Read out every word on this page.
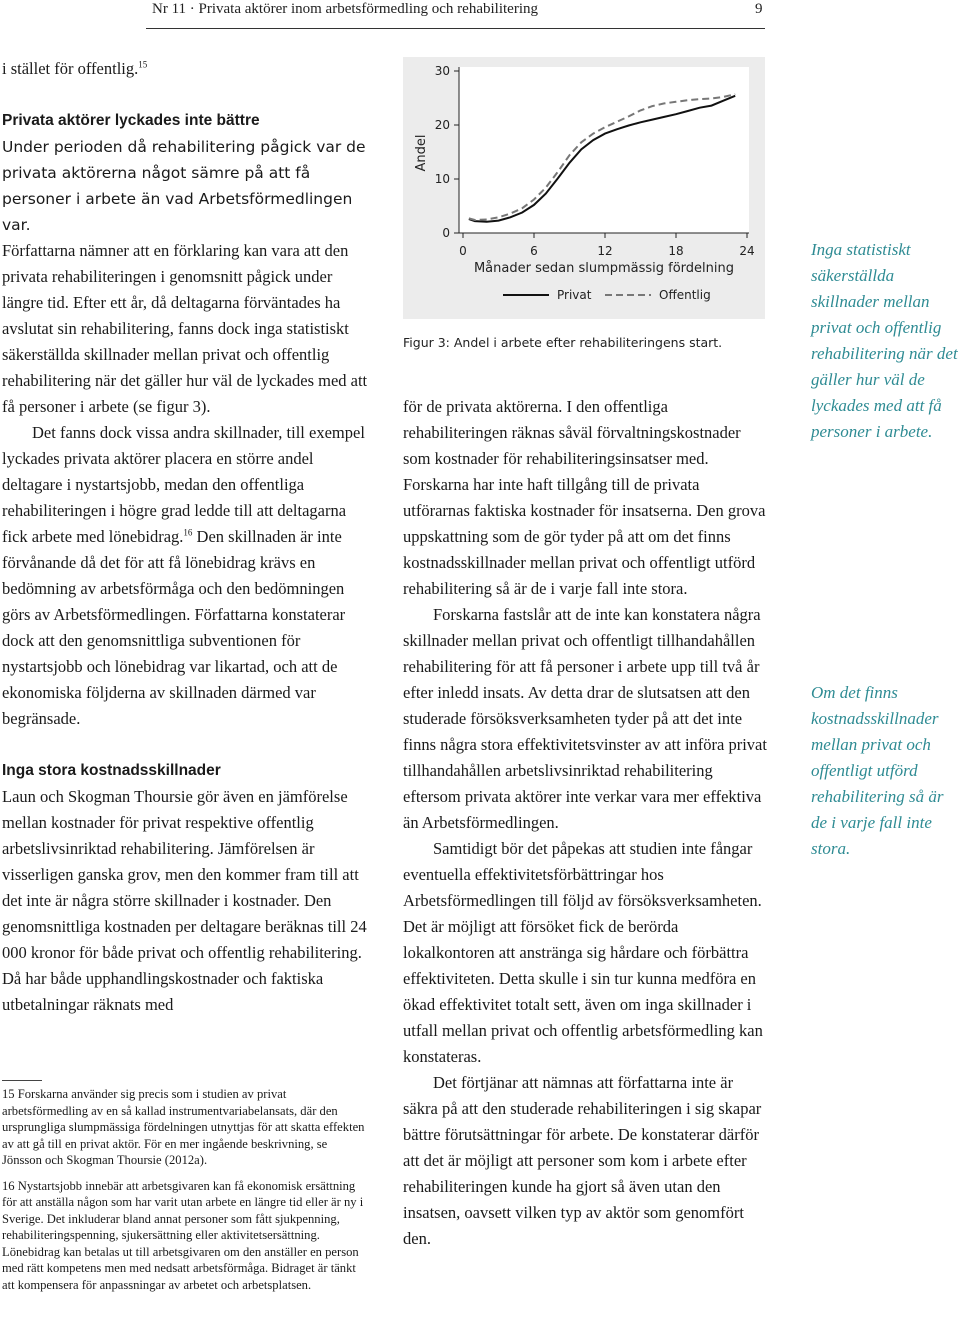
Nr 11 · Privata aktörer inom arbetsförmedling och rehabilitering	9

i stället för offentlig.$^{15}$

Privata aktörer lyckades inte bättre

Under perioden då rehabilitering pågick var de privata aktörerna något sämre på att få personer i arbete än vad Arbetsförmedlingen var.

Författarna nämner att en förklaring kan vara att den privata rehabiliteringen i genomsnitt pågick under längre tid. Efter ett år, då deltagarna förväntades ha avslutat sin rehabilitering, fanns dock inga statistiskt säkerställda skillnader mellan privat och offentlig rehabilitering när det gäller hur väl de lyckades med att få personer i arbete (se figur 3).

Det fanns dock vissa andra skillnader, till exempel lyckades privata aktörer placera en större andel deltagare i nystartsjobb, medan den offentliga rehabiliteringen i högre grad ledde till att deltagarna fick arbete med lönebidrag.$^{16}$ Den skillnaden är inte förvånande då det för att få lönebidrag krävs en bedömning av arbetsförmåga och den bedömningen görs av Arbetsförmedlingen. Författarna konstaterar dock att den genomsnittliga subventionen för nystartsjobb och lönebidrag var likartad, och att de ekonomiska följderna av skillnaden därmed var begränsade.

Inga stora kostnadsskillnader

Laun och Skogman Thoursie gör även en jämförelse mellan kostnader för privat respektive offentlig arbetslivsinriktad rehabilitering. Jämförelsen är visserligen ganska grov, men den kommer fram till att det inte är några större skillnader i kostnader. Den genomsnittliga kostnaden per deltagare beräknas till 24 000 kronor för både privat och offentlig rehabilitering. Då har både upphandlingskostnader och faktiska utbetalningar räknats med

15 Forskarna använder sig precis som i studien av privat arbetsförmedling av en så kallad instrumentvariabelansats, där den ursprungliga slumpmässiga fördelningen utnyttjas för att skatta effekten av att gå till en privat aktör. För en mer ingående beskrivning, se Jönsson och Skogman Thoursie (2012a).

16 Nystartsjobb innebär att arbetsgivaren kan få ekonomisk ersättning för att anställa någon som har varit utan arbete en längre tid eller är ny i Sverige. Det inkluderar bland annat personer som fått sjukpenning, rehabiliteringspenning, sjukersättning eller aktivitetsersättning. Lönebidrag kan betalas ut till arbetsgivaren om den anställer en person med rätt kompetens men med nedsatt arbetsförmåga. Bidraget är tänkt att kompensera för anpassningar av arbetet och arbetsplatsen.

0
10
20
30
0	6	12	18	24
Andel
Månader sedan slumpmässig fördelning
Privat	Offentlig
Figur 3: Andel i arbete efter rehabiliteringens start.

för de privata aktörerna. I den offentliga rehabiliteringen räknas såväl förvaltningskostnader som kostnader för rehabiliteringsinsatser med. Forskarna har inte haft tillgång till de privata utförarnas faktiska kostnader för insatserna. Den grova uppskattning som de gör tyder på att om det finns kostnadsskillnader mellan privat och offentligt utförd rehabilitering så är de i varje fall inte stora.

Forskarna fastslår att de inte kan konstatera några skillnader mellan privat och offentligt tillhandahållen rehabilitering för att få personer i arbete upp till två år efter inledd insats. Av detta drar de slutsatsen att den studerade försöksverksamheten tyder på att det inte finns några stora effektivitetsvinster av att införa privat tillhandahållen arbetslivsinriktad rehabilitering eftersom privata aktörer inte verkar vara mer effektiva än Arbetsförmedlingen.

Samtidigt bör det påpekas att studien inte fångar eventuella effektivitetsförbättringar hos Arbetsförmedlingen till följd av försöksverksamheten. Det är möjligt att försöket fick de berörda lokalkontoren att anstränga sig hårdare och förbättra effektiviteten. Detta skulle i sin tur kunna medföra en ökad effektivitet totalt sett, även om inga skillnader i utfall mellan privat och offentlig arbetsförmedling kan konstateras.

Det förtjänar att nämnas att författarna inte är säkra på att den studerade rehabiliteringen i sig skapar bättre förutsättningar för arbete. De konstaterar därför att det är möjligt att personer som kom i arbete efter rehabiliteringen kunde ha gjort så även utan den insatsen, oavsett vilken typ av aktör som genomfört den.

Inga statistiskt säkerställda skillnader mellan privat och offentlig rehabilitering när det gäller hur väl de lyckades med att få personer i arbete.

Om det finns kostnadsskillnader mellan privat och offentligt utförd rehabilitering så är de i varje fall inte stora.
